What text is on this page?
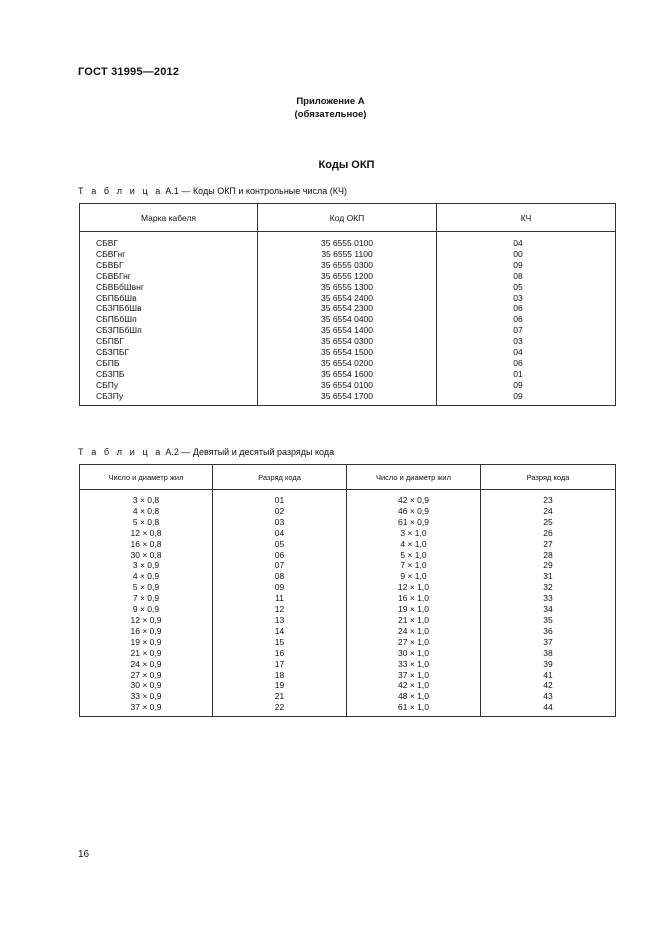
ГОСТ 31995—2012
Приложение А
(обязательное)
Коды ОКП
Т а б л и ц а А.1 — Коды ОКП и контрольные числа (КЧ)
Марка кабеля	Код ОКП	КЧ
СБВГ	35 6555 0100	04
СБВГнг	35 6555 1100	00
СБВБГ	35 6555 0300	09
СБВБГнг	35 6555 1200	08
СБВБбШвнг	35 6555 1300	05
СБПБбШв	35 6554 2400	03
СБЗПБбШв	35 6554 2300	06
СБПБбШп	35 6554 0400	06
СБЗПБбШп	35 6554 1400	07
СБПБГ	35 6554 0300	03
СБЗПБГ	35 6554 1500	04
СБПБ	35 6554 0200	06
СБЗПБ	35 6554 1600	01
СБПу	35 6554 0100	09
СБЗПу	35 6554 1700	09
Т а б л и ц а А.2 — Девятый и десятый разряды кода
Число и диаметр жил	Разряд кода	Число и диаметр жил	Разряд кода
3 × 0,8	01	42 × 0,9	23
4 × 0,8	02	46 × 0,9	24
5 × 0,8	03	61 × 0,9	25
12 × 0,8	04	3 × 1,0	26
16 × 0,8	05	4 × 1,0	27
30 × 0,8	06	5 × 1,0	28
3 × 0,9	07	7 × 1,0	29
4 × 0,9	08	9 × 1,0	31
5 × 0,9	09	12 × 1,0	32
7 × 0,9	11	16 × 1,0	33
9 × 0,9	12	19 × 1,0	34
12 × 0,9	13	21 × 1,0	35
16 × 0,9	14	24 × 1,0	36
19 × 0,9	15	27 × 1,0	37
21 × 0,9	16	30 × 1,0	38
24 × 0,9	17	33 × 1,0	39
27 × 0,9	18	37 × 1,0	41
30 × 0,9	19	42 × 1,0	42
33 × 0,9	21	48 × 1,0	43
37 × 0,9	22	61 × 1,0	44
16
